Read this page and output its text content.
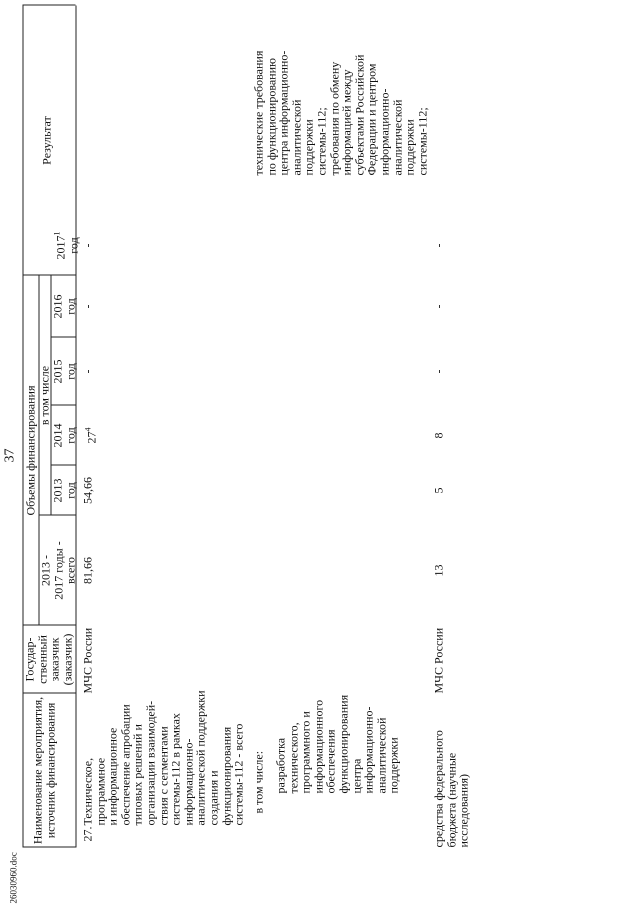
37
Наименование мероприятия,
источник финансирования
Государ-
ственный
заказчик
(заказчик)
Объемы финансирования
2013 -
2017 годы -
всего
в том числе
2013
год
2014
год
2015
год
2016
год
2017$^1$
год
Результат
27.
Техническое,
программное
и информационное
обеспечение апробации
типовых решений и
организации взаимодей-
ствия с сегментами
системы-112 в рамках
информационно-
аналитической поддержки
создания и
функционирования
системы-112 - всего
МЧС России
81,66
54,66
$27^4$
-
-
-
в том числе: разработка
технического,
программного и
информационного
обеспечения
функционирования
центра
информационно-
аналитической
поддержки
технические требования
по функционированию
центра информационно-
аналитической
поддержки
системы-112;
требования по обмену
информацией между
субъектами Российской
Федерации и центром
информационно-
аналитической
поддержки
системы-112;
средства федерального
бюджета (научные
исследования)
МЧС России
13
5
8
-
-
-
26030960.doc
